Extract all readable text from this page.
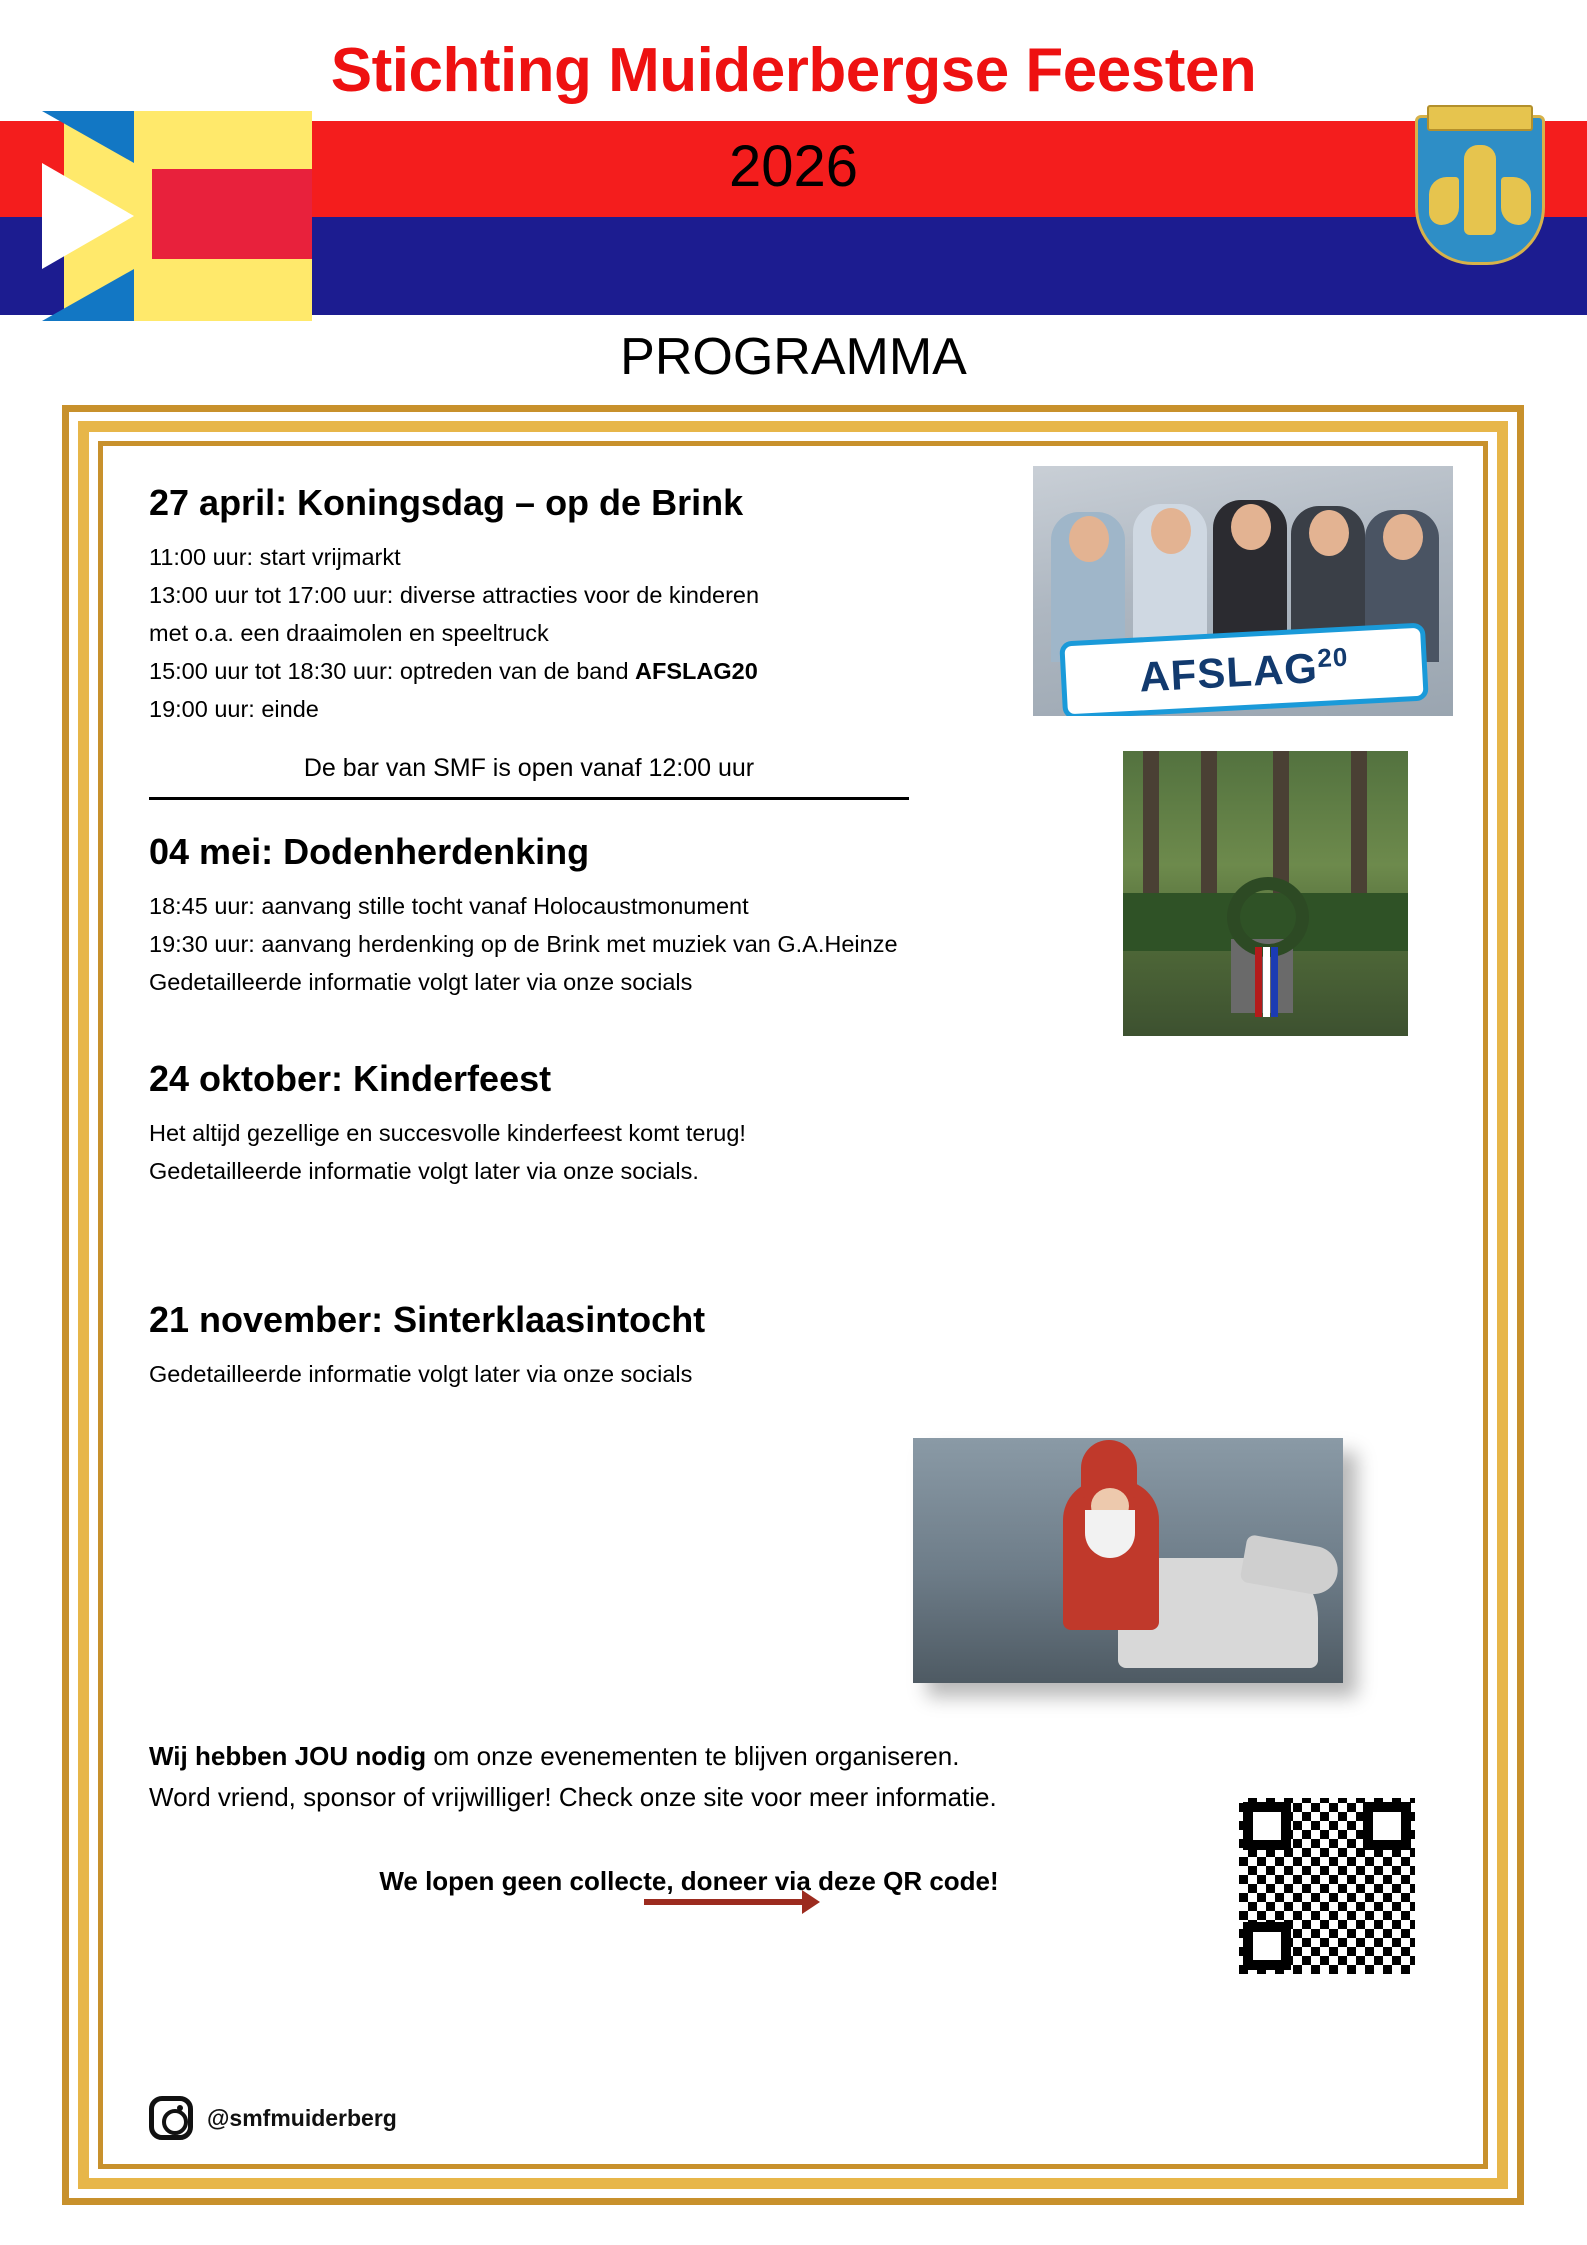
Stichting Muiderbergse Feesten
2026
PROGRAMMA
27 april: Koningsdag – op de Brink
11:00 uur: start vrijmarkt
13:00 uur tot 17:00 uur: diverse attracties voor de kinderen
met o.a. een draaimolen en speeltruck
15:00 uur tot 18:30 uur: optreden van de band AFSLAG20
19:00 uur: einde
De bar van SMF is open vanaf 12:00 uur
AFSLAG$^{20}$
04 mei: Dodenherdenking
18:45 uur: aanvang stille tocht vanaf Holocaustmonument
19:30 uur: aanvang herdenking op de Brink met muziek van G.A.Heinze
Gedetailleerde informatie volgt later via onze socials
24 oktober: Kinderfeest
Het altijd gezellige en succesvolle kinderfeest komt terug!
Gedetailleerde informatie volgt later via onze socials.
21 november: Sinterklaasintocht
Gedetailleerde informatie volgt later via onze socials
Wij hebben JOU nodig om onze evenementen te blijven organiseren.
Word vriend, sponsor of vrijwilliger! Check onze site voor meer informatie.
We lopen geen collecte, doneer via deze QR code!
@smfmuiderberg
